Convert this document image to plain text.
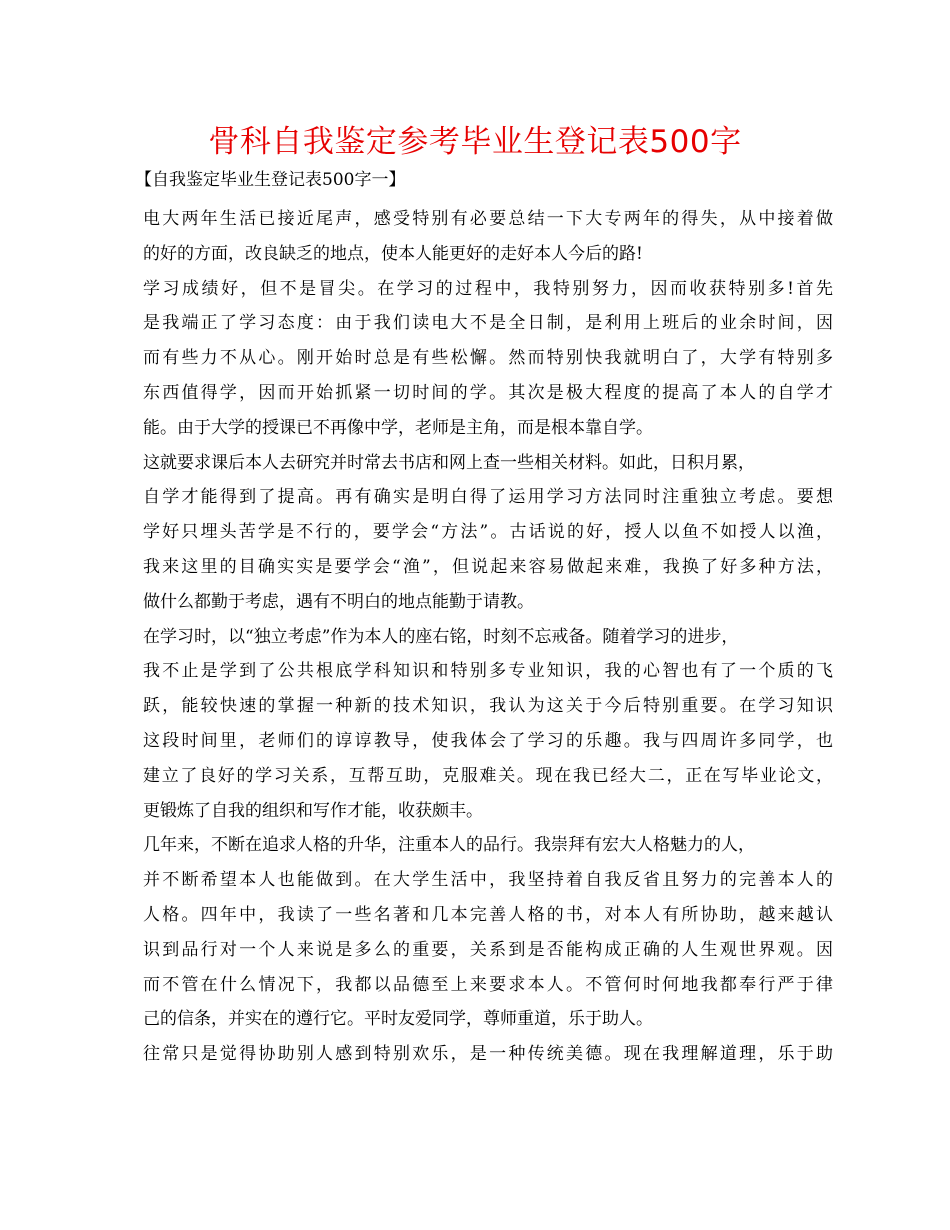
骨科自我鉴定参考毕业生登记表500字
【自我鉴定毕业生登记表500字一】
电大两年生活已接近尾声，感受特别有必要总结一下大专两年的得失，从中接着做
的好的方面，改良缺乏的地点，使本人能更好的走好本人今后的路!
学习成绩好，但不是冒尖。在学习的过程中，我特别努力，因而收获特别多!首先
是我端正了学习态度：由于我们读电大不是全日制，是利用上班后的业余时间，因
而有些力不从心。刚开始时总是有些松懈。然而特别快我就明白了，大学有特别多
东西值得学，因而开始抓紧一切时间的学。其次是极大程度的提高了本人的自学才
能。由于大学的授课已不再像中学，老师是主角，而是根本靠自学。
这就要求课后本人去研究并时常去书店和网上查一些相关材料。如此，日积月累，
自学才能得到了提高。再有确实是明白得了运用学习方法同时注重独立考虑。要想
学好只埋头苦学是不行的，要学会“方法”。古话说的好，授人以鱼不如授人以渔，
我来这里的目确实实是要学会“渔”，但说起来容易做起来难，我换了好多种方法，
做什么都勤于考虑，遇有不明白的地点能勤于请教。
在学习时，以“独立考虑”作为本人的座右铭，时刻不忘戒备。随着学习的进步，
我不止是学到了公共根底学科知识和特别多专业知识，我的心智也有了一个质的飞
跃，能较快速的掌握一种新的技术知识，我认为这关于今后特别重要。在学习知识
这段时间里，老师们的谆谆教导，使我体会了学习的乐趣。我与四周许多同学，也
建立了良好的学习关系，互帮互助，克服难关。现在我已经大二，正在写毕业论文，
更锻炼了自我的组织和写作才能，收获颇丰。
几年来，不断在追求人格的升华，注重本人的品行。我崇拜有宏大人格魅力的人，
并不断希望本人也能做到。在大学生活中，我坚持着自我反省且努力的完善本人的
人格。四年中，我读了一些名著和几本完善人格的书，对本人有所协助，越来越认
识到品行对一个人来说是多么的重要，关系到是否能构成正确的人生观世界观。因
而不管在什么情况下，我都以品德至上来要求本人。不管何时何地我都奉行严于律
己的信条，并实在的遵行它。平时友爱同学，尊师重道，乐于助人。
往常只是觉得协助别人感到特别欢乐，是一种传统美德。现在我理解道理，乐于助
